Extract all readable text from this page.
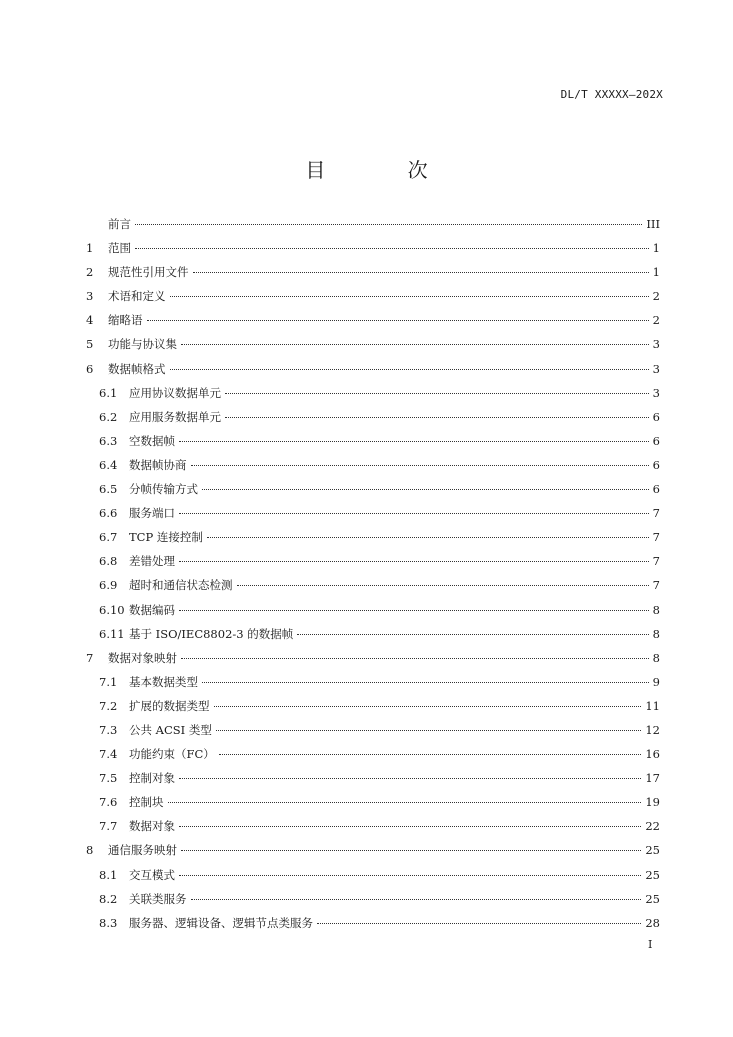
DL/T XXXXX—202X
目 次
前言	III
1	范围	1
2	规范性引用文件	1
3	术语和定义	2
4	缩略语	2
5	功能与协议集	3
6	数据帧格式	3
6.1	应用协议数据单元	3
6.2	应用服务数据单元	6
6.3	空数据帧	6
6.4	数据帧协商	6
6.5	分帧传输方式	6
6.6	服务端口	7
6.7	TCP 连接控制	7
6.8	差错处理	7
6.9	超时和通信状态检测	7
6.10 数据编码	8
6.11 基于 ISO/IEC8802-3 的数据帧	8
7	数据对象映射	8
7.1	基本数据类型	9
7.2	扩展的数据类型	11
7.3	公共 ACSI 类型	12
7.4	功能约束（FC）	16
7.5	控制对象	17
7.6	控制块	19
7.7	数据对象	22
8	通信服务映射	25
8.1	交互模式	25
8.2	关联类服务	25
8.3	服务器、逻辑设备、逻辑节点类服务	28
I
